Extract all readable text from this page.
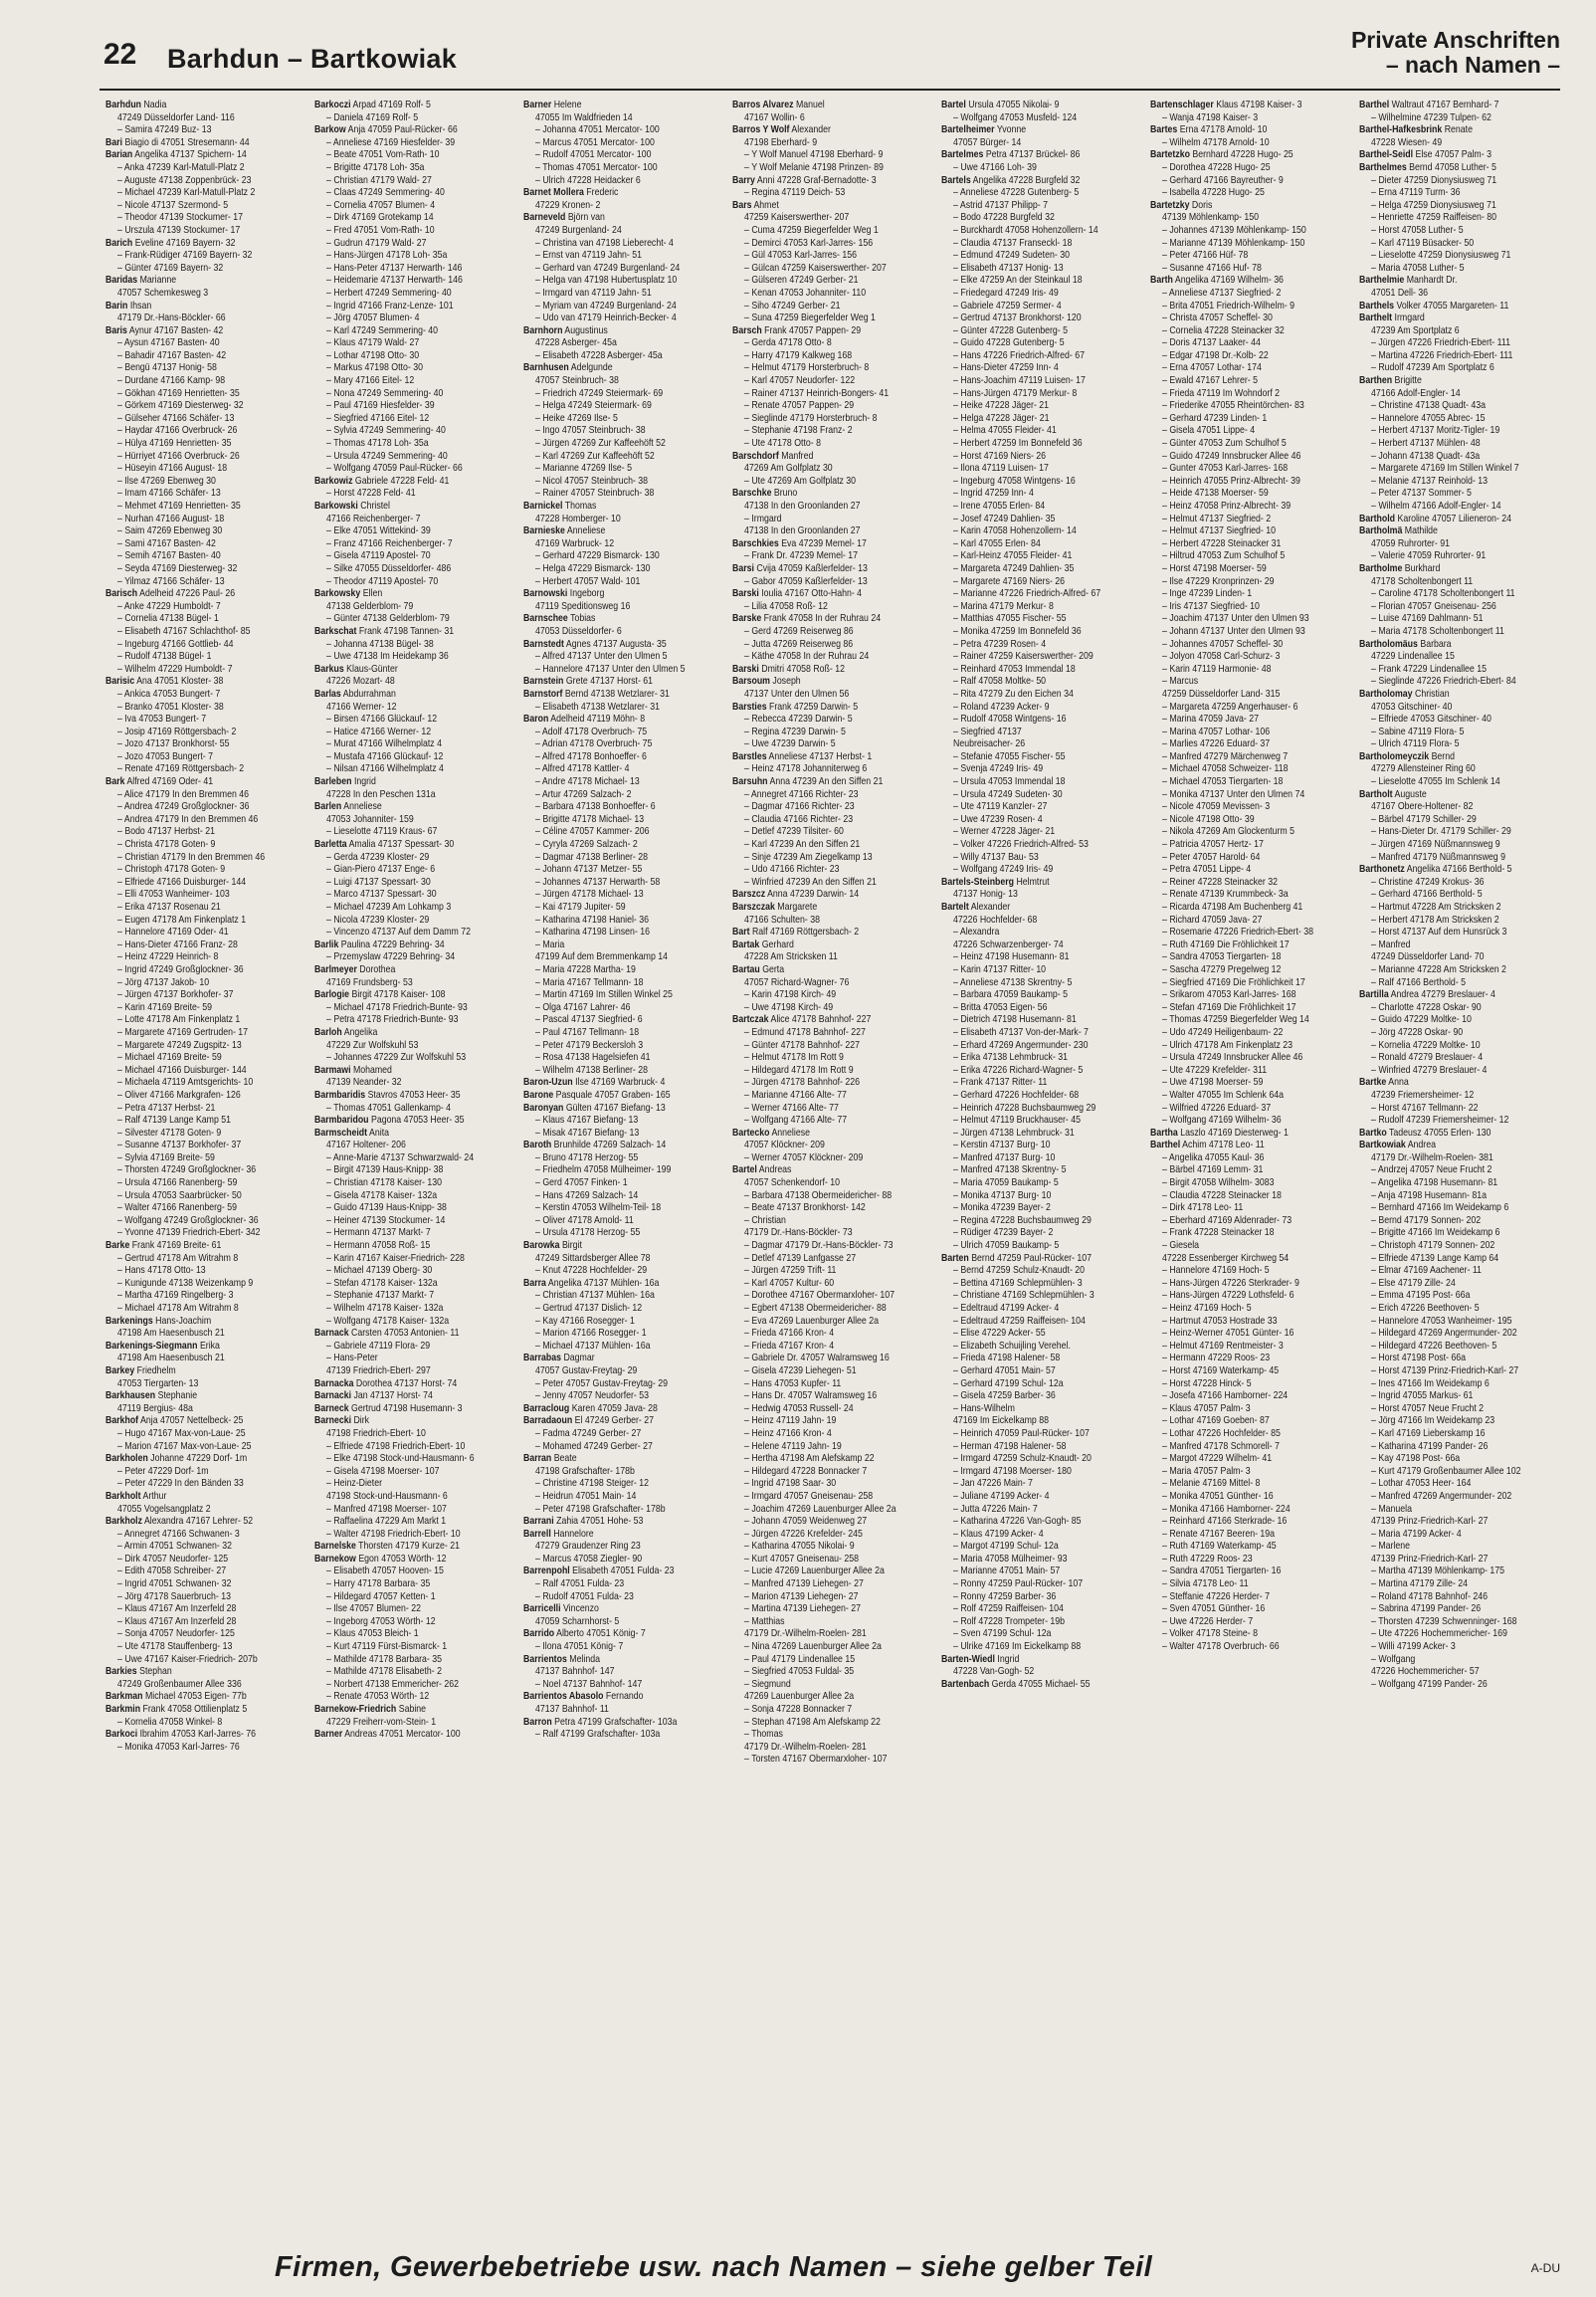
22 Barhdun – Bartkowiak
Private Anschriften
– nach Namen –
Barhdun Nadia
47249 Düsseldorfer Land- 116
– Samira 47249 Buz- 13
Bari Biagio di 47051 Stresemann- 44
Barian Angelika 47137 Spichern- 14
– Anka 47239 Karl-Matull-Platz 2
– Auguste 47138 Zoppenbrück- 23
– Michael 47239 Karl-Matull-Platz 2
– Nicole 47137 Szermond- 5
– Theodor 47139 Stockumer- 17
– Urszula 47139 Stockumer- 17
Barich Eveline 47169 Bayern- 32
– Frank-Rüdiger 47169 Bayern- 32
– Günter 47169 Bayern- 32
Baridas Marianne
47057 Schemkesweg 3
Barin Ihsan
47179 Dr.-Hans-Böckler- 66
Baris Aynur 47167 Basten- 42
– Aysun 47167 Basten- 40
– Bahadir 47167 Basten- 42
– Bengü 47137 Honig- 58
– Durdane 47166 Kamp- 98
– Gökhan 47169 Henrietten- 35
– Görkem 47169 Diesterweg- 32
– Gülseher 47166 Schäfer- 13
– Haydar 47166 Overbruck- 26
– Hülya 47169 Henrietten- 35
– Hürriyet 47166 Overbruck- 26
– Hüseyin 47166 August- 18
– Ilse 47269 Ebenweg 30
– Imam 47166 Schäfer- 13
– Mehmet 47169 Henrietten- 35
– Nurhan 47166 August- 18
– Saim 47269 Ebenweg 30
– Sami 47167 Basten- 42
– Semih 47167 Basten- 40
– Seyda 47169 Diesterweg- 32
– Yilmaz 47166 Schäfer- 13
Barisch Adelheid 47226 Paul- 26
– Anke 47229 Humboldt- 7
– Cornelia 47138 Bügel- 1
– Elisabeth 47167 Schlachthof- 85
– Ingeburg 47166 Gottlieb- 44
– Rudolf 47138 Bügel- 1
– Wilhelm 47229 Humboldt- 7
Barisic Ana 47051 Kloster- 38
– Ankica 47053 Bungert- 7
– Branko 47051 Kloster- 38
– Iva 47053 Bungert- 7
– Josip 47169 Röttgersbach- 2
– Jozo 47137 Bronkhorst- 55
– Jozo 47053 Bungert- 7
– Renate 47169 Röttgersbach- 2
Bark Alfred 47169 Oder- 41
– Alice 47179 In den Bremmen 46
– Andrea 47249 Großglockner- 36
– Andrea 47179 In den Bremmen 46
– Bodo 47137 Herbst- 21
– Christa 47178 Goten- 9
– Christian 47179 In den Bremmen 46
– Christoph 47178 Goten- 9
– Elfriede 47166 Duisburger- 144
– Elli 47053 Wanheimer- 103
– Erika 47137 Rosenau 21
– Eugen 47178 Am Finkenplatz 1
– Hannelore 47169 Oder- 41
– Hans-Dieter 47166 Franz- 28
– Heinz 47229 Heinrich- 8
– Ingrid 47249 Großglockner- 36
– Jörg 47137 Jakob- 10
– Jürgen 47137 Borkhofer- 37
– Karin 47169 Breite- 59
– Lotte 47178 Am Finkenplatz 1
– Margarete 47169 Gertruden- 17
– Margarete 47249 Zugspitz- 13
– Michael 47169 Breite- 59
– Michael 47166 Duisburger- 144
– Michaela 47119 Amtsgerichts- 10
– Oliver 47166 Markgrafen- 126
– Petra 47137 Herbst- 21
– Ralf 47139 Lange Kamp 51
– Silvester 47178 Goten- 9
– Susanne 47137 Borkhofer- 37
– Sylvia 47169 Breite- 59
– Thorsten 47249 Großglockner- 36
– Ursula 47166 Ranenberg- 59
– Ursula 47053 Saarbrücker- 50
– Walter 47166 Ranenberg- 59
– Wolfgang 47249 Großglockner- 36
– Yvonne 47139 Friedrich-Ebert- 342
Barke Frank 47169 Breite- 61
– Gertrud 47178 Am Witrahm 8
– Hans 47178 Otto- 13
– Kunigunde 47138 Weizenkamp 9
– Martha 47169 Ringelberg- 3
– Michael 47178 Am Witrahm 8
Barkenings Hans-Joachim
47198 Am Haesenbusch 21
Barkenings-Siegmann Erika
47198 Am Haesenbusch 21
Barkey Friedhelm
47053 Tiergarten- 13
Barkhausen Stephanie
47119 Bergius- 48a
Barkhof Anja 47057 Nettelbeck- 25
– Hugo 47167 Max-von-Laue- 25
– Marion 47167 Max-von-Laue- 25
Barkholen Johanne 47229 Dorf- 1m
– Peter 47229 Dorf- 1m
– Peter 47229 In den Bänden 33
Barkholt Arthur
47055 Vogelsangplatz 2
Barkholz Alexandra 47167 Lehrer- 52
– Annegret 47166 Schwanen- 3
– Armin 47051 Schwanen- 32
– Dirk 47057 Neudorfer- 125
– Edith 47058 Schreiber- 27
– Ingrid 47051 Schwanen- 32
– Jörg 47178 Sauerbruch- 13
– Klaus 47167 Am Inzerfeld 28
– Klaus 47167 Am Inzerfeld 28
– Sonja 47057 Neudorfer- 125
– Ute 47178 Stauffenberg- 13
– Uwe 47167 Kaiser-Friedrich- 207b
Barkies Stephan
47249 Großenbaumer Allee 336
Barkman Michael 47053 Eigen- 77b
Barkmin Frank 47058 Ottilienplatz 5
– Kornelia 47058 Winkel- 8
Barkoci Ibrahim 47053 Karl-Jarres- 76
– Monika 47053 Karl-Jarres- 76
Barkoczi Arpad 47169 Rolf- 5
– Daniela 47169 Rolf- 5
Barkow Anja 47059 Paul-Rücker- 66
– Anneliese 47169 Hiesfelder- 39
– Beate 47051 Vom-Rath- 10
– Brigitte 47178 Loh- 35a
– Christian 47179 Wald- 27
– Claas 47249 Semmering- 40
– Cornelia 47057 Blumen- 4
– Dirk 47169 Grotekamp 14
– Fred 47051 Vom-Rath- 10
– Gudrun 47179 Wald- 27
– Hans-Jürgen 47178 Loh- 35a
– Hans-Peter 47137 Herwarth- 146
– Heidemarie 47137 Herwarth- 146
– Herbert 47249 Semmering- 40
– Ingrid 47166 Franz-Lenze- 101
– Jörg 47057 Blumen- 4
– Karl 47249 Semmering- 40
– Klaus 47179 Wald- 27
– Lothar 47198 Otto- 30
– Markus 47198 Otto- 30
– Mary 47166 Eitel- 12
– Nona 47249 Semmering- 40
– Paul 47169 Hiesfelder- 39
– Siegfried 47166 Eitel- 12
– Sylvia 47249 Semmering- 40
– Thomas 47178 Loh- 35a
– Ursula 47249 Semmering- 40
– Wolfgang 47059 Paul-Rücker- 66
Barkowiz Gabriele 47228 Feld- 41
– Horst 47228 Feld- 41
Barkowski Christel
47166 Reichenberger- 7
– Elke 47051 Wittekind- 39
– Franz 47166 Reichenberger- 7
– Gisela 47119 Apostel- 70
– Silke 47055 Düsseldorfer- 486
– Theodor 47119 Apostel- 70
Barkowsky Ellen
47138 Gelderblom- 79
– Günter 47138 Gelderblom- 79
Barkschat Frank 47198 Tannen- 31
– Johanna 47138 Bügel- 38
– Uwe 47138 Im Heidekamp 36
Barkus Klaus-Günter
47226 Mozart- 48
Barlas Abdurrahman
47166 Werner- 12
– Birsen 47166 Glückauf- 12
– Hatice 47166 Werner- 12
– Murat 47166 Wilhelmplatz 4
– Mustafa 47166 Glückauf- 12
– Nilsan 47166 Wilhelmplatz 4
Barleben Ingrid
47228 In den Peschen 131a
Barlen Anneliese
47053 Johanniter- 159
– Lieselotte 47119 Kraus- 67
Barletta Amalia 47137 Spessart- 30
– Gerda 47239 Kloster- 29
– Gian-Piero 47137 Enge- 6
– Luigi 47137 Spessart- 30
– Marco 47137 Spessart- 30
– Michael 47239 Am Lohkamp 3
– Nicola 47239 Kloster- 29
– Vincenzo 47137 Auf dem Damm 72
Barlik Paulina 47229 Behring- 34
– Przemyslaw 47229 Behring- 34
Barlmeyer Dorothea
47169 Frundsberg- 53
Barlogie Birgit 47178 Kaiser- 108
– Michael 47178 Friedrich-Bunte- 93
– Petra 47178 Friedrich-Bunte- 93
Barloh Angelika
47229 Zur Wolfskuhl 53
– Johannes 47229 Zur Wolfskuhl 53
Barmawi Mohamed
47139 Neander- 32
Barmbaridis Stavros 47053 Heer- 35
– Thomas 47051 Gallenkamp- 4
Barmbaridou Pagona 47053 Heer- 35
Barmscheidt Anita
47167 Holtener- 206
– Anne-Marie 47137 Schwarzwald- 24
– Birgit 47139 Haus-Knipp- 38
– Christian 47178 Kaiser- 130
– Gisela 47178 Kaiser- 132a
– Guido 47139 Haus-Knipp- 38
– Heiner 47139 Stockumer- 14
– Hermann 47137 Markt- 7
– Hermann 47058 Roß- 15
– Karin 47167 Kaiser-Friedrich- 228
– Michael 47139 Oberg- 30
– Stefan 47178 Kaiser- 132a
– Stephanie 47137 Markt- 7
– Wilhelm 47178 Kaiser- 132a
– Wolfgang 47178 Kaiser- 132a
Barnack Carsten 47053 Antonien- 11
– Gabriele 47119 Flora- 29
– Hans-Peter
47139 Friedrich-Ebert- 297
Barnacka Dorothea 47137 Horst- 74
Barnacki Jan 47137 Horst- 74
Barneck Gertrud 47198 Husemann- 3
Barnecki Dirk
47198 Friedrich-Ebert- 10
– Elfriede 47198 Friedrich-Ebert- 10
– Elke 47198 Stock-und-Hausmann- 6
– Gisela 47198 Moerser- 107
– Heinz-Dieter
47198 Stock-und-Hausmann- 6
– Manfred 47198 Moerser- 107
– Raffaelina 47229 Am Markt 1
– Walter 47198 Friedrich-Ebert- 10
Barnelske Thorsten 47179 Kurze- 21
Barnekow Egon 47053 Wörth- 12
– Elisabeth 47057 Hooven- 15
– Harry 47178 Barbara- 35
– Hildegard 47057 Ketten- 1
– Ilse 47057 Blumen- 22
– Ingeborg 47053 Wörth- 12
– Klaus 47053 Bleich- 1
– Kurt 47119 Fürst-Bismarck- 1
– Mathilde 47178 Barbara- 35
– Mathilde 47178 Elisabeth- 2
– Norbert 47138 Emmericher- 262
– Renate 47053 Wörth- 12
Barnekow-Friedrich Sabine
47229 Freiherr-vom-Stein- 1
Barner Andreas 47051 Mercator- 100
Barner Helene
47055 Im Waldfrieden 14
– Johanna 47051 Mercator- 100
– Marcus 47051 Mercator- 100
– Rudolf 47051 Mercator- 100
– Thomas 47051 Mercator- 100
– Ulrich 47228 Heidacker 6
Barnet Mollera Frederic
47229 Kronen- 2
Barneveld Björn van
47249 Burgenland- 24
– Christina van 47198 Lieberecht- 4
– Ernst van 47119 Jahn- 51
– Gerhard van 47249 Burgenland- 24
– Helga van 47198 Hubertusplatz 10
– Irmgard van 47119 Jahn- 51
– Myriam van 47249 Burgenland- 24
– Udo van 47179 Heinrich-Becker- 4
Barnhorn Augustinus
47228 Asberger- 45a
– Elisabeth 47228 Asberger- 45a
Barnhusen Adelgunde
47057 Steinbruch- 38
– Friedrich 47249 Steiermark- 69
– Helga 47249 Steiermark- 69
– Heike 47269 Ilse- 5
– Ingo 47057 Steinbruch- 38
– Jürgen 47269 Zur Kaffeehöft 52
– Karl 47269 Zur Kaffeehöft 52
– Marianne 47269 Ilse- 5
– Nicol 47057 Steinbruch- 38
– Rainer 47057 Steinbruch- 38
Barnickel Thomas
47228 Homberger- 10
Barnieske Anneliese
47169 Warbruck- 12
– Gerhard 47229 Bismarck- 130
– Helga 47229 Bismarck- 130
– Herbert 47057 Wald- 101
Barnowski Ingeborg
47119 Speditionsweg 16
Barnschee Tobias
47053 Düsseldorfer- 6
Barnstedt Agnes 47137 Augusta- 35
– Alfred 47137 Unter den Ulmen 5
– Hannelore 47137 Unter den Ulmen 5
Barnstein Grete 47137 Horst- 61
Barnstorf Bernd 47138 Wetzlarer- 31
– Elisabeth 47138 Wetzlarer- 31
Baron Adelheid 47119 Möhn- 8
– Adolf 47178 Overbruch- 75
– Adrian 47178 Overbruch- 75
– Alfred 47178 Bonhoeffer- 6
– Alfred 47178 Kattler- 4
– Andre 47178 Michael- 13
– Artur 47269 Salzach- 2
– Barbara 47138 Bonhoeffer- 6
– Brigitte 47178 Michael- 13
– Céline 47057 Kammer- 206
– Cyryla 47269 Salzach- 2
– Dagmar 47138 Berliner- 28
– Johann 47137 Metzer- 55
– Johannes 47137 Herwarth- 58
– Jürgen 47178 Michael- 13
– Kai 47179 Jupiter- 59
– Katharina 47198 Haniel- 36
– Katharina 47198 Linsen- 16
– Maria
47199 Auf dem Bremmenkamp 14
– Maria 47228 Martha- 19
– Maria 47167 Tellmann- 18
– Martin 47169 Im Stillen Winkel 25
– Olga 47167 Lahrer- 46
– Pascal 47137 Siegfried- 6
– Paul 47167 Tellmann- 18
– Peter 47179 Beckersloh 3
– Rosa 47138 Hagelsiefen 41
– Wilhelm 47138 Berliner- 28
Baron-Uzun Ilse 47169 Warbruck- 4
Barone Pasquale 47057 Graben- 165
Baronyan Gülten 47167 Biefang- 13
– Klaus 47167 Biefang- 13
– Misak 47167 Biefang- 13
Baroth Brunhilde 47269 Salzach- 14
– Bruno 47178 Herzog- 55
– Friedhelm 47058 Mülheimer- 199
– Gerd 47057 Finken- 1
– Hans 47269 Salzach- 14
– Kerstin 47053 Wilhelm-Teil- 18
– Oliver 47178 Arnold- 11
– Ursula 47178 Herzog- 55
Barowka Birgit
47249 Sittardsberger Allee 78
– Knut 47228 Hochfelder- 29
Barra Angelika 47137 Mühlen- 16a
– Christian 47137 Mühlen- 16a
– Gertrud 47137 Dislich- 12
– Kay 47166 Rosegger- 1
– Marion 47166 Rosegger- 1
– Michael 47137 Mühlen- 16a
Barrabas Dagmar
47057 Gustav-Freytag- 29
– Peter 47057 Gustav-Freytag- 29
– Jenny 47057 Neudorfer- 53
Barracloug Karen 47059 Java- 28
Barradaoun El 47249 Gerber- 27
– Fadma 47249 Gerber- 27
– Mohamed 47249 Gerber- 27
Barran Beate
47198 Grafschafter- 178b
– Christine 47198 Steiger- 12
– Heidrun 47051 Main- 14
– Peter 47198 Grafschafter- 178b
Barrani Zahia 47051 Hohe- 53
Barrell Hannelore
47279 Graudenzer Ring 23
– Marcus 47058 Ziegler- 90
Barrenpohl Elisabeth 47051 Fulda- 23
– Ralf 47051 Fulda- 23
– Rudolf 47051 Fulda- 23
Barricelli Vincenzo
47059 Scharnhorst- 5
Barrido Alberto 47051 König- 7
– Ilona 47051 König- 7
Barrientos Melinda
47137 Bahnhof- 147
– Noel 47137 Bahnhof- 147
Barrientos Abasolo Fernando
47137 Bahnhof- 11
Barron Petra 47199 Grafschafter- 103a
– Ralf 47199 Grafschafter- 103a
Barros Alvarez Manuel
47167 Wollin- 6
Barros Y Wolf Alexander
47198 Eberhard- 9
– Y Wolf Manuel 47198 Eberhard- 9
– Y Wolf Melanie 47198 Prinzen- 89
Barry Anni 47228 Graf-Bernadotte- 3
– Regina 47119 Deich- 53
Bars Ahmet
47259 Kaiserswerther- 207
– Cuma 47259 Biegerfelder Weg 1
– Demirci 47053 Karl-Jarres- 156
– Gül 47053 Karl-Jarres- 156
– Gülcan 47259 Kaiserswerther- 207
– Gülseren 47249 Gerber- 21
– Kenan 47053 Johanniter- 110
– Siho 47249 Gerber- 21
– Suna 47259 Biegerfelder Weg 1
Barsch Frank 47057 Pappen- 29
– Gerda 47178 Otto- 8
– Harry 47179 Kalkweg 168
– Helmut 47179 Horsterbruch- 8
– Karl 47057 Neudorfer- 122
– Rainer 47137 Heinrich-Bongers- 41
– Renate 47057 Pappen- 29
– Sieglinde 47179 Horsterbruch- 8
– Stephanie 47198 Franz- 2
– Ute 47178 Otto- 8
Barschdorf Manfred
47269 Am Golfplatz 30
– Ute 47269 Am Golfplatz 30
Barschke Bruno
47138 In den Groonlanden 27
– Irmgard
47138 In den Groonlanden 27
Barschkies Eva 47239 Memel- 17
– Frank Dr. 47239 Memel- 17
Barsi Cvija 47059 Kaßlerfelder- 13
– Gabor 47059 Kaßlerfelder- 13
Barski Ioulia 47167 Otto-Hahn- 4
– Lilia 47058 Roß- 12
Barske Frank 47058 In der Ruhrau 24
– Gerd 47269 Reiserweg 86
– Jutta 47269 Reiserweg 86
– Käthe 47058 In der Ruhrau 24
Barski Dmitri 47058 Roß- 12
Barsoum Joseph
47137 Unter den Ulmen 56
Barsties Frank 47259 Darwin- 5
– Rebecca 47239 Darwin- 5
– Regina 47239 Darwin- 5
– Uwe 47239 Darwin- 5
Barstles Anneliese 47137 Herbst- 1
– Heinz 47178 Johanniterweg 6
Barsuhn Anna 47239 An den Siffen 21
– Annegret 47166 Richter- 23
– Dagmar 47166 Richter- 23
– Claudia 47166 Richter- 23
– Detlef 47239 Tilsiter- 60
– Karl 47239 An den Siffen 21
– Sinje 47239 Am Ziegelkamp 13
– Udo 47166 Richter- 23
– Winfried 47239 An den Siffen 21
Barszcz Anna 47239 Darwin- 14
Barszczak Margarete
47166 Schulten- 38
Bart Ralf 47169 Röttgersbach- 2
Bartak Gerhard
47228 Am Stricksken 11
Bartau Gerta
47057 Richard-Wagner- 76
– Karin 47198 Kirch- 49
– Uwe 47198 Kirch- 49
Bartczak Alice 47178 Bahnhof- 227
– Edmund 47178 Bahnhof- 227
– Günter 47178 Bahnhof- 227
– Helmut 47178 Im Rott 9
– Hildegard 47178 Im Rott 9
– Jürgen 47178 Bahnhof- 226
– Marianne 47166 Alte- 77
– Werner 47166 Alte- 77
– Wolfgang 47166 Alte- 77
Bartecko Anneliese
47057 Klöckner- 209
– Werner 47057 Klöckner- 209
Bartel Andreas
47057 Schenkendorf- 10
– Barbara 47138 Obermeidericher- 88
– Beate 47137 Bronkhorst- 142
– Christian
47179 Dr.-Hans-Böckler- 73
– Dagmar 47179 Dr.-Hans-Böckler- 73
– Detlef 47139 Lanfgasse 27
– Jürgen 47259 Trift- 11
– Karl 47057 Kultur- 60
– Dorothee 47167 Obermarxloher- 107
– Egbert 47138 Obermeidericher- 88
– Eva 47269 Lauenburger Allee 2a
– Frieda 47166 Kron- 4
– Frieda 47167 Kron- 4
– Gabriele Dr. 47057 Walramsweg 16
– Gisela 47239 Liehegen- 51
– Hans 47053 Kupfer- 11
– Hans Dr. 47057 Walramsweg 16
– Hedwig 47053 Russell- 24
– Heinz 47119 Jahn- 19
– Heinz 47166 Kron- 4
– Helene 47119 Jahn- 19
– Hertha 47198 Am Alefskamp 22
– Hildegard 47228 Bonnacker 7
– Ingrid 47198 Saar- 30
– Irmgard 47057 Gneisenau- 258
– Joachim 47269 Lauenburger Allee 2a
– Johann 47059 Weidenweg 27
– Jürgen 47226 Krefelder- 245
– Katharina 47055 Nikolai- 9
– Kurt 47057 Gneisenau- 258
– Lucie 47269 Lauenburger Allee 2a
– Manfred 47139 Liehegen- 27
– Marion 47139 Liehegen- 27
– Martina 47139 Liehegen- 27
– Matthias
47179 Dr.-Wilhelm-Roelen- 281
– Nina 47269 Lauenburger Allee 2a
– Paul 47179 Lindenallee 15
– Siegfried 47053 Fuldal- 35
– Siegmund
47269 Lauenburger Allee 2a
– Sonja 47228 Bonnacker 7
– Stephan 47198 Am Alefskamp 22
– Thomas
47179 Dr.-Wilhelm-Roelen- 281
– Torsten 47167 Obermarxloher- 107
Bartel Ursula 47055 Nikolai- 9
– Wolfgang 47053 Musfeld- 124
Bartelheimer Yvonne
47057 Bürger- 14
Bartelmes Petra 47137 Brückel- 86
– Uwe 47166 Loh- 39
Bartels Angelika 47228 Burgfeld 32
– Anneliese 47228 Gutenberg- 5
– Astrid 47137 Philipp- 7
– Bodo 47228 Burgfeld 32
– Burckhardt 47058 Hohenzollern- 14
– Claudia 47137 Franseckl- 18
– Edmund 47249 Sudeten- 30
– Elisabeth 47137 Honig- 13
– Elke 47259 An der Steinkaul 18
– Friedegard 47249 Iris- 49
– Gabriele 47259 Sermer- 4
– Gertrud 47137 Bronkhorst- 120
– Günter 47228 Gutenberg- 5
– Guido 47228 Gutenberg- 5
– Hans 47226 Friedrich-Alfred- 67
– Hans-Dieter 47259 Inn- 4
– Hans-Joachim 47119 Luisen- 17
– Hans-Jürgen 47179 Merkur- 8
– Heike 47228 Jäger- 21
– Helga 47228 Jäger- 21
– Helma 47055 Fleider- 41
– Herbert 47259 Im Bonnefeld 36
– Horst 47169 Niers- 26
– Ilona 47119 Luisen- 17
– Ingeburg 47058 Wintgens- 16
– Ingrid 47259 Inn- 4
– Irene 47055 Erlen- 84
– Josef 47249 Dahlien- 35
– Karin 47058 Hohenzollern- 14
– Karl 47055 Erlen- 84
– Karl-Heinz 47055 Fleider- 41
– Margareta 47249 Dahlien- 35
– Margarete 47169 Niers- 26
– Marianne 47226 Friedrich-Alfred- 67
– Marina 47179 Merkur- 8
– Matthias 47055 Fischer- 55
– Monika 47259 Im Bonnefeld 36
– Petra 47239 Rosen- 4
– Rainer 47259 Kaiserswerther- 209
– Reinhard 47053 Immendal 18
– Ralf 47058 Moltke- 50
– Rita 47279 Zu den Eichen 34
– Roland 47239 Acker- 9
– Rudolf 47058 Wintgens- 16
– Siegfried 47137
Neubreisacher- 26
– Stefanie 47055 Fischer- 55
– Svenja 47249 Iris- 49
– Ursula 47053 Immendal 18
– Ursula 47249 Sudeten- 30
– Ute 47119 Kanzler- 27
– Uwe 47239 Rosen- 4
– Werner 47228 Jäger- 21
– Volker 47226 Friedrich-Alfred- 53
– Willy 47137 Bau- 53
– Wolfgang 47249 Iris- 49
Bartels-Steinberg Helmtrut
47137 Honig- 13
Bartelt Alexander
47226 Hochfelder- 68
– Alexandra
47226 Schwarzenberger- 74
– Heinz 47198 Husemann- 81
– Karin 47137 Ritter- 10
– Anneliese 47138 Skrentny- 5
– Barbara 47059 Baukamp- 5
– Britta 47053 Eigen- 56
– Dietrich 47198 Husemann- 81
– Elisabeth 47137 Von-der-Mark- 7
– Erhard 47269 Angermunder- 230
– Erika 47138 Lehmbruck- 31
– Erika 47226 Richard-Wagner- 5
– Frank 47137 Ritter- 11
– Gerhard 47226 Hochfelder- 68
– Heinrich 47228 Buchsbaumweg 29
– Helmut 47119 Bruckhauser- 45
– Jürgen 47138 Lehmbruck- 31
– Kerstin 47137 Burg- 10
– Manfred 47137 Burg- 10
– Manfred 47138 Skrentny- 5
– Maria 47059 Baukamp- 5
– Monika 47137 Burg- 10
– Monika 47239 Bayer- 2
– Regina 47228 Buchsbaumweg 29
– Rüdiger 47239 Bayer- 2
– Ulrich 47059 Baukamp- 5
Barten Bernd 47259 Paul-Rücker- 107
– Bernd 47259 Schulz-Knaudt- 20
– Bettina 47169 Schlepmühlen- 3
– Christiane 47169 Schlepmühlen- 3
– Edeltraud 47199 Acker- 4
– Edeltraud 47259 Raiffeisen- 104
– Elise 47229 Acker- 55
– Elizabeth Schuijling Verehel.
– Frieda 47198 Halener- 58
– Gerhard 47051 Main- 57
– Gerhard 47199 Schul- 12a
– Gisela 47259 Barber- 36
– Hans-Wilhelm
47169 Im Eickelkamp 88
– Heinrich 47059 Paul-Rücker- 107
– Herman 47198 Halener- 58
– Irmgard 47259 Schulz-Knaudt- 20
– Irmgard 47198 Moerser- 180
– Jan 47226 Main- 7
– Juliane 47199 Acker- 4
– Jutta 47226 Main- 7
– Katharina 47226 Van-Gogh- 85
– Klaus 47199 Acker- 4
– Margot 47199 Schul- 12a
– Maria 47058 Mülheimer- 93
– Marianne 47051 Main- 57
– Ronny 47259 Paul-Rücker- 107
– Ronny 47259 Barber- 36
– Rolf 47259 Raiffeisen- 104
– Rolf 47228 Trompeter- 19b
– Sven 47199 Schul- 12a
– Ulrike 47169 Im Eickelkamp 88
Barten-Wiedl Ingrid
47228 Van-Gogh- 52
Bartenbach Gerda 47055 Michael- 55
Bartenschlager Klaus 47198 Kaiser- 3
– Wanja 47198 Kaiser- 3
Bartes Erna 47178 Arnold- 10
– Wilhelm 47178 Arnold- 10
Bartetzko Bernhard 47228 Hugo- 25
– Dorothea 47228 Hugo- 25
– Gerhard 47166 Bayreuther- 9
– Isabella 47228 Hugo- 25
Bartetzky Doris
47139 Möhlenkamp- 150
– Johannes 47139 Möhlenkamp- 150
– Marianne 47139 Möhlenkamp- 150
– Peter 47166 Hüf- 78
– Susanne 47166 Huf- 78
Barth Angelika 47169 Wilhelm- 36
– Anneliese 47137 Siegfried- 2
– Brita 47051 Friedrich-Wilhelm- 9
– Christa 47057 Scheffel- 30
– Cornelia 47228 Steinacker 32
– Doris 47137 Laaker- 44
– Edgar 47198 Dr.-Kolb- 22
– Erna 47057 Lothar- 174
– Ewald 47167 Lehrer- 5
– Frieda 47119 Im Wohndorf 2
– Friederike 47055 Rheintörchen- 83
– Gerhard 47239 Linden- 1
– Gisela 47051 Lippe- 4
– Günter 47053 Zum Schulhof 5
– Guido 47249 Innsbrucker Allee 46
– Gunter 47053 Karl-Jarres- 168
– Heinrich 47055 Prinz-Albrecht- 39
– Heide 47138 Moerser- 59
– Heinz 47058 Prinz-Albrecht- 39
– Helmut 47137 Siegfried- 2
– Helmut 47137 Siegfried- 10
– Herbert 47228 Steinacker 31
– Hiltrud 47053 Zum Schulhof 5
– Horst 47198 Moerser- 59
– Ilse 47229 Kronprinzen- 29
– Inge 47239 Linden- 1
– Iris 47137 Siegfried- 10
– Joachim 47137 Unter den Ulmen 93
– Johann 47137 Unter den Ulmen 93
– Johannes 47057 Scheffel- 30
– Jolyon 47058 Carl-Schurz- 3
– Karin 47119 Harmonie- 48
– Marcus
47259 Düsseldorfer Land- 315
– Margareta 47259 Angerhauser- 6
– Marina 47059 Java- 27
– Marina 47057 Lothar- 106
– Marlies 47226 Eduard- 37
– Manfred 47279 Märchenweg 7
– Michael 47058 Schweizer- 118
– Michael 47053 Tiergarten- 18
– Monika 47137 Unter den Ulmen 74
– Nicole 47059 Mevissen- 3
– Nicole 47198 Otto- 39
– Nikola 47269 Am Glockenturm 5
– Patricia 47057 Hertz- 17
– Peter 47057 Harold- 64
– Petra 47051 Lippe- 4
– Reiner 47228 Steinacker 32
– Renate 47139 Krummbeck- 3a
– Ricarda 47198 Am Buchenberg 41
– Richard 47059 Java- 27
– Rosemarie 47226 Friedrich-Ebert- 38
– Ruth 47169 Die Fröhlichkeit 17
– Sandra 47053 Tiergarten- 18
– Sascha 47279 Pregelweg 12
– Siegfried 47169 Die Fröhlichkeit 17
– Srikarom 47053 Karl-Jarres- 168
– Stefan 47169 Die Fröhlichkeit 17
– Thomas 47259 Biegerfelder Weg 14
– Udo 47249 Heiligenbaum- 22
– Ulrich 47178 Am Finkenplatz 23
– Ursula 47249 Innsbrucker Allee 46
– Ute 47229 Krefelder- 311
– Uwe 47198 Moerser- 59
– Walter 47055 Im Schlenk 64a
– Wilfried 47226 Eduard- 37
– Wolfgang 47169 Wilhelm- 36
Bartha Laszlo 47169 Diesterweg- 1
Barthel Achim 47178 Leo- 11
– Angelika 47055 Kaul- 36
– Bärbel 47169 Lemm- 31
– Birgit 47058 Wilhelm- 3083
– Claudia 47228 Steinacker 18
– Dirk 47178 Leo- 11
– Eberhard 47169 Aldenrader- 73
– Frank 47228 Steinacker 18
– Giesela
47228 Essenberger Kirchweg 54
– Hannelore 47169 Hoch- 5
– Hans-Jürgen 47226 Sterkrader- 9
– Hans-Jürgen 47229 Lothsfeld- 6
– Heinz 47169 Hoch- 5
– Hartmut 47053 Hostrade 33
– Heinz-Werner 47051 Günter- 16
– Helmut 47169 Rentmeister- 3
– Hermann 47229 Roos- 23
– Horst 47169 Waterkamp- 45
– Horst 47228 Hinck- 5
– Josefa 47166 Hamborner- 224
– Klaus 47057 Palm- 3
– Lothar 47169 Goeben- 87
– Lothar 47226 Hochfelder- 85
– Manfred 47178 Schmorell- 7
– Margot 47229 Wilhelm- 41
– Maria 47057 Palm- 3
– Melanie 47169 Mittel- 8
– Monika 47051 Günther- 16
– Monika 47166 Hamborner- 224
– Reinhard 47166 Sterkrade- 16
– Renate 47167 Beeren- 19a
– Ruth 47169 Waterkamp- 45
– Ruth 47229 Roos- 23
– Sandra 47051 Tiergarten- 16
– Silvia 47178 Leo- 11
– Steffanie 47226 Herder- 7
– Sven 47051 Günther- 16
– Uwe 47226 Herder- 7
– Volker 47178 Steine- 8
– Walter 47178 Overbruch- 66
Barthel Waltraut 47167 Bernhard- 7
– Wilhelmine 47239 Tulpen- 62
Barthel-Hafkesbrink Renate
47228 Wiesen- 49
Barthel-Seidl Else 47057 Palm- 3
Barthelmes Bernd 47058 Luther- 5
– Dieter 47259 Dionysiusweg 71
– Erna 47119 Turm- 36
– Helga 47259 Dionysiusweg 71
– Henriette 47259 Raiffeisen- 80
– Horst 47058 Luther- 5
– Karl 47119 Büsacker- 50
– Lieselotte 47259 Dionysiusweg 71
– Maria 47058 Luther- 5
Barthelmie Manhardt Dr.
47051 Dell- 36
Barthels Volker 47055 Margareten- 11
Barthelt Irmgard
47239 Am Sportplatz 6
– Jürgen 47226 Friedrich-Ebert- 111
– Martina 47226 Friedrich-Ebert- 111
– Rudolf 47239 Am Sportplatz 6
Barthen Brigitte
47166 Adolf-Engler- 14
– Christine 47138 Quadt- 43a
– Hannelore 47055 Abrec- 15
– Herbert 47137 Moritz-Tigler- 19
– Herbert 47137 Mühlen- 48
– Johann 47138 Quadt- 43a
– Margarete 47169 Im Stillen Winkel 7
– Melanie 47137 Reinhold- 13
– Peter 47137 Sommer- 5
– Wilhelm 47166 Adolf-Engler- 14
Barthold Karoline 47057 Lilieneron- 24
Bartholmä Mathilde
47059 Ruhrorter- 91
– Valerie 47059 Ruhrorter- 91
Bartholme Burkhard
47178 Scholtenbongert 11
– Caroline 47178 Scholtenbongert 11
– Florian 47057 Gneisenau- 256
– Luise 47169 Dahlmann- 51
– Maria 47178 Scholtenbongert 11
Bartholomäus Barbara
47229 Lindenallee 15
– Frank 47229 Lindenallee 15
– Sieglinde 47226 Friedrich-Ebert- 84
Bartholomay Christian
47053 Gitschiner- 40
– Elfriede 47053 Gitschiner- 40
– Sabine 47119 Flora- 5
– Ulrich 47119 Flora- 5
Bartholomeyczik Bernd
47279 Allensteiner Ring 60
– Lieselotte 47055 Im Schlenk 14
Bartholt Auguste
47167 Obere-Holtener- 82
– Bärbel 47179 Schiller- 29
– Hans-Dieter Dr. 47179 Schiller- 29
– Jürgen 47169 Nüßmannsweg 9
– Manfred 47179 Nüßmannsweg 9
Barthonetz Angelika 47166 Berthold- 5
– Christine 47249 Krokus- 36
– Gerhard 47166 Berthold- 5
– Hartmut 47228 Am Stricksken 2
– Herbert 47178 Am Stricksken 2
– Horst 47137 Auf dem Hunsrück 3
– Manfred
47249 Düsseldorfer Land- 70
– Marianne 47228 Am Stricksken 2
– Ralf 47166 Berthold- 5
Bartilla Andrea 47279 Breslauer- 4
– Charlotte 47228 Oskar- 90
– Guido 47229 Moltke- 10
– Jörg 47228 Oskar- 90
– Kornelia 47229 Moltke- 10
– Ronald 47279 Breslauer- 4
– Winfried 47279 Breslauer- 4
Bartke Anna
47239 Friemersheimer- 12
– Horst 47167 Tellmann- 22
– Rudolf 47239 Friemersheimer- 12
Bartko Tadeusz 47055 Erlen- 130
Bartkowiak Andrea
47179 Dr.-Wilhelm-Roelen- 381
– Andrzej 47057 Neue Frucht 2
– Angelika 47198 Husemann- 81
– Anja 47198 Husemann- 81a
– Bernhard 47166 Im Weidekamp 6
– Bernd 47179 Sonnen- 202
– Brigitte 47166 Im Weidekamp 6
– Christoph 47179 Sonnen- 202
– Elfriede 47139 Lange Kamp 64
– Elmar 47169 Aachener- 11
– Else 47179 Zille- 24
– Emma 47195 Post- 66a
– Erich 47226 Beethoven- 5
– Hannelore 47053 Wanheimer- 195
– Hildegard 47269 Angermunder- 202
– Hildegard 47226 Beethoven- 5
– Horst 47198 Post- 66a
– Horst 47139 Prinz-Friedrich-Karl- 27
– Ines 47166 Im Weidekamp 6
– Ingrid 47055 Markus- 61
– Horst 47057 Neue Frucht 2
– Jörg 47166 Im Weidekamp 23
– Karl 47169 Lieberskamp 16
– Katharina 47199 Pander- 26
– Kay 47198 Post- 66a
– Kurt 47179 Großenbaumer Allee 102
– Lothar 47053 Heer- 164
– Manfred 47269 Angermunder- 202
– Manuela
47139 Prinz-Friedrich-Karl- 27
– Maria 47199 Acker- 4
– Marlene
47139 Prinz-Friedrich-Karl- 27
– Martha 47139 Möhlenkamp- 175
– Martina 47179 Zille- 24
– Roland 47178 Bahnhof- 246
– Sabrina 47199 Pander- 26
– Thorsten 47239 Schwenninger- 168
– Ute 47226 Hochemmericher- 169
– Willi 47199 Acker- 3
– Wolfgang
47226 Hochemmericher- 57
– Wolfgang 47199 Pander- 26
Firmen, Gewerbebetriebe usw. nach Namen – siehe gelber Teil	A-DU
